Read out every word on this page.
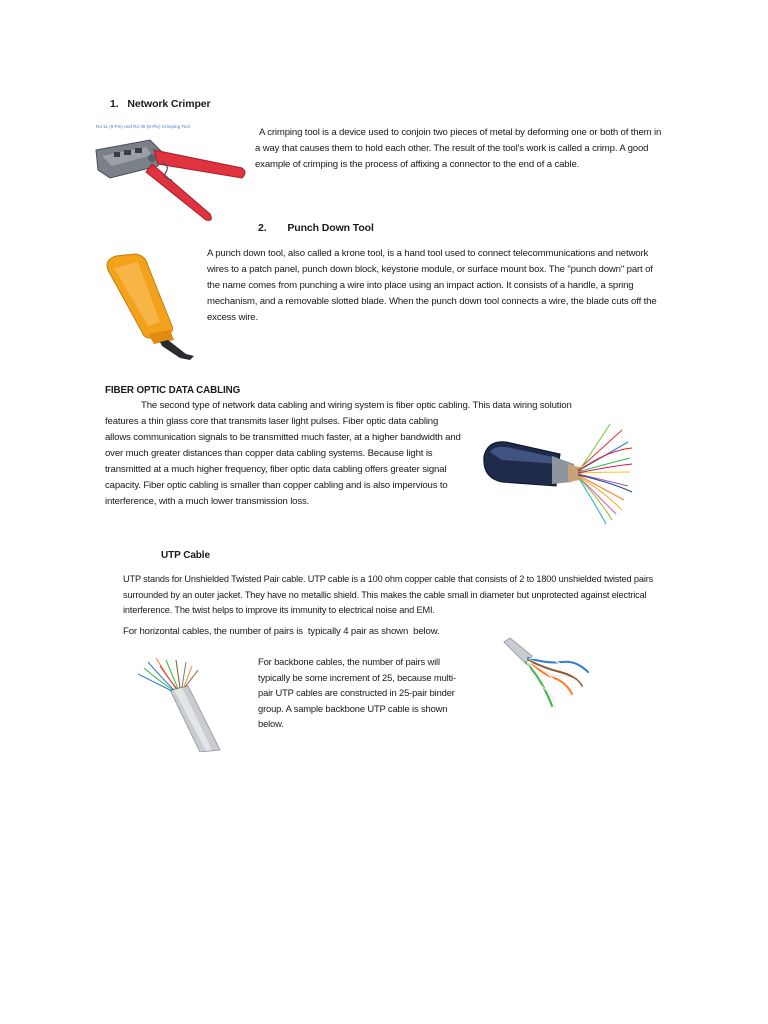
1. Network Crimper
RJ-11 (6-Pin) and RJ-45 (8-Pin) Crimping Tool
A crimping tool is a device used to conjoin two pieces of metal by deforming one or both of them in a way that causes them to hold each other. The result of the tool's work is called a crimp. A good example of crimping is the process of affixing a connector to the end of a cable.
2. Punch Down Tool
A punch down tool, also called a krone tool, is a hand tool used to connect telecommunications and network wires to a patch panel, punch down block, keystone module, or surface mount box. The "punch down" part of the name comes from punching a wire into place using an impact action. It consists of a handle, a spring mechanism, and a removable slotted blade. When the punch down tool connects a wire, the blade cuts off the excess wire.
FIBER OPTIC DATA CABLING
The second type of network data cabling and wiring system is fiber optic cabling. This data wiring solution
features a thin glass core that transmits laser light pulses. Fiber optic data cabling allows communication signals to be transmitted much faster, at a higher bandwidth and over much greater distances than copper data cabling systems. Because light is transmitted at a much higher frequency, fiber optic data cabling offers greater signal capacity. Fiber optic cabling is smaller than copper cabling and is also impervious to interference, with a much lower transmission loss.
UTP Cable
UTP stands for Unshielded Twisted Pair cable. UTP cable is a 100 ohm copper cable that consists of 2 to 1800 unshielded twisted pairs surrounded by an outer jacket. They have no metallic shield. This makes the cable small in diameter but unprotected against electrical interference. The twist helps to improve its immunity to electrical noise and EMI.
For horizontal cables, the number of pairs is  typically 4 pair as shown  below.
For backbone cables, the number of pairs will typically be some increment of 25, because multi-pair UTP cables are constructed in 25-pair binder group. A sample backbone UTP cable is shown below.
